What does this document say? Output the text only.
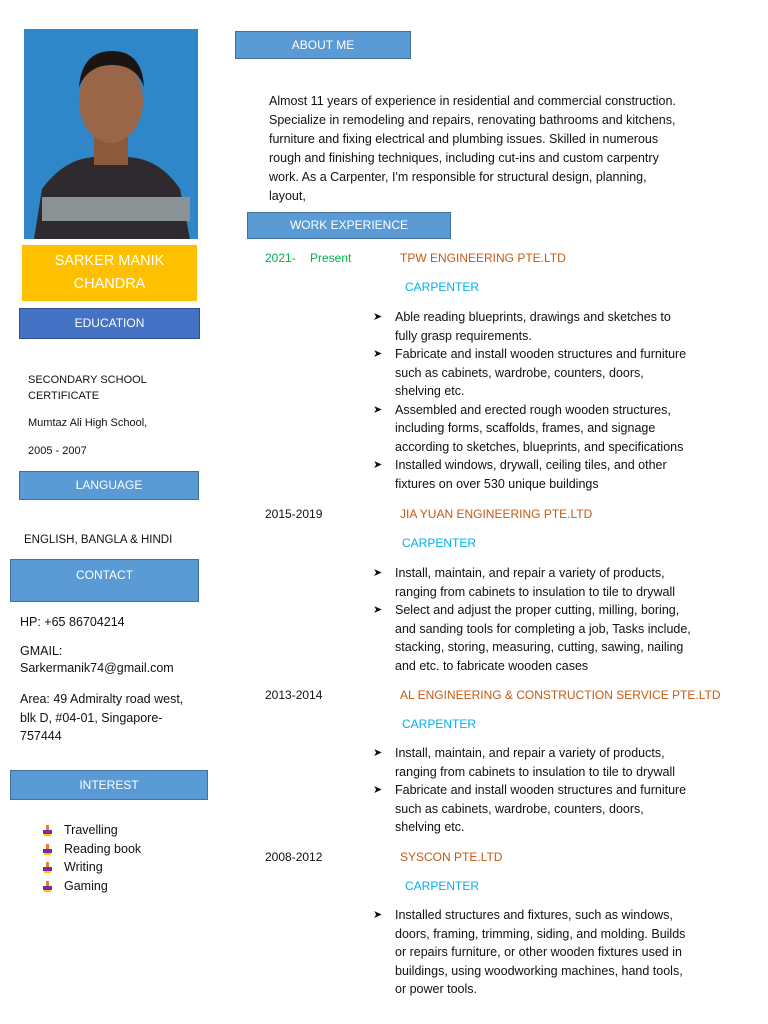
SARKER MANIK
CHANDRA
EDUCATION
SECONDARY SCHOOL
CERTIFICATE
Mumtaz Ali High School,
2005 - 2007
LANGUAGE
ENGLISH, BANGLA & HINDI
CONTACT
HP: +65 86704214
GMAIL:
Sarkermanik74@gmail.com
Area: 49 Admiralty road west,
blk D, #04-01, Singapore-
757444
INTEREST
Travelling
Reading book
Writing
Gaming
ABOUT ME
Almost 11 years of experience in residential and commercial construction.
Specialize in remodeling and repairs, renovating bathrooms and kitchens,
furniture and fixing electrical and plumbing issues. Skilled in numerous
rough and finishing techniques, including cut-ins and custom carpentry
work. As a Carpenter, I'm responsible for structural design, planning,
layout,
WORK EXPERIENCE
2021- Present	TPW ENGINEERING PTE.LTD
CARPENTER
➤ Able reading blueprints, drawings and sketches to fully grasp requirements.
➤ Fabricate and install wooden structures and furniture such as cabinets, wardrobe, counters, doors, shelving etc.
➤ Assembled and erected rough wooden structures, including forms, scaffolds, frames, and signage according to sketches, blueprints, and specifications
➤ Installed windows, drywall, ceiling tiles, and other fixtures on over 530 unique buildings
2015-2019	JIA YUAN ENGINEERING PTE.LTD
CARPENTER
➤ Install, maintain, and repair a variety of products, ranging from cabinets to insulation to tile to drywall
➤ Select and adjust the proper cutting, milling, boring, and sanding tools for completing a job, Tasks include, stacking, storing, measuring, cutting, sawing, nailing and etc. to fabricate wooden cases
2013-2014	AL ENGINEERING & CONSTRUCTION SERVICE PTE.LTD
CARPENTER
➤ Install, maintain, and repair a variety of products, ranging from cabinets to insulation to tile to drywall
➤ Fabricate and install wooden structures and furniture such as cabinets, wardrobe, counters, doors, shelving etc.
2008-2012	SYSCON PTE.LTD
CARPENTER
➤ Installed structures and fixtures, such as windows, doors, framing, trimming, siding, and molding. Builds or repairs furniture, or other wooden fixtures used in buildings, using woodworking machines, hand tools, or power tools.
